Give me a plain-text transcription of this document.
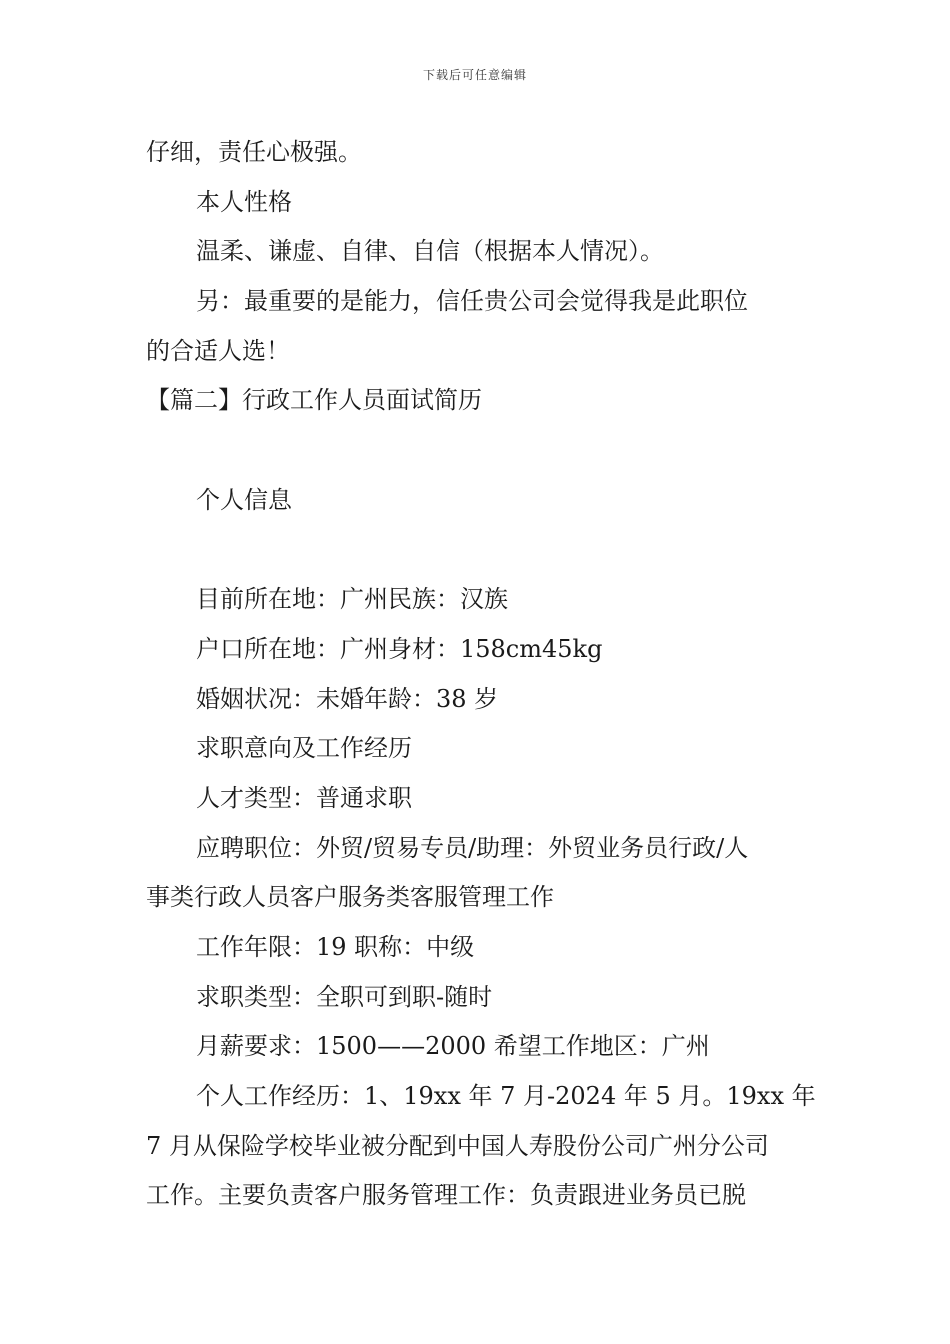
下载后可任意编辑
仔细，责任心极强。
本人性格
温柔、谦虚、自律、自信（根据本人情况）。
另：最重要的是能力，信任贵公司会觉得我是此职位
的合适人选！
【篇二】行政工作人员面试简历
个人信息
目前所在地：广州民族：汉族
户口所在地：广州身材：158cm45kg
婚姻状况：未婚年龄：38 岁
求职意向及工作经历
人才类型：普通求职
应聘职位：外贸/贸易专员/助理：外贸业务员行政/人
事类行政人员客户服务类客服管理工作
工作年限：19 职称：中级
求职类型：全职可到职-随时
月薪要求：1500——2000 希望工作地区：广州
个人工作经历：1、19xx 年 7 月-2024 年 5 月。19xx 年
7 月从保险学校毕业被分配到中国人寿股份公司广州分公司
工作。主要负责客户服务管理工作：负责跟进业务员已脱
